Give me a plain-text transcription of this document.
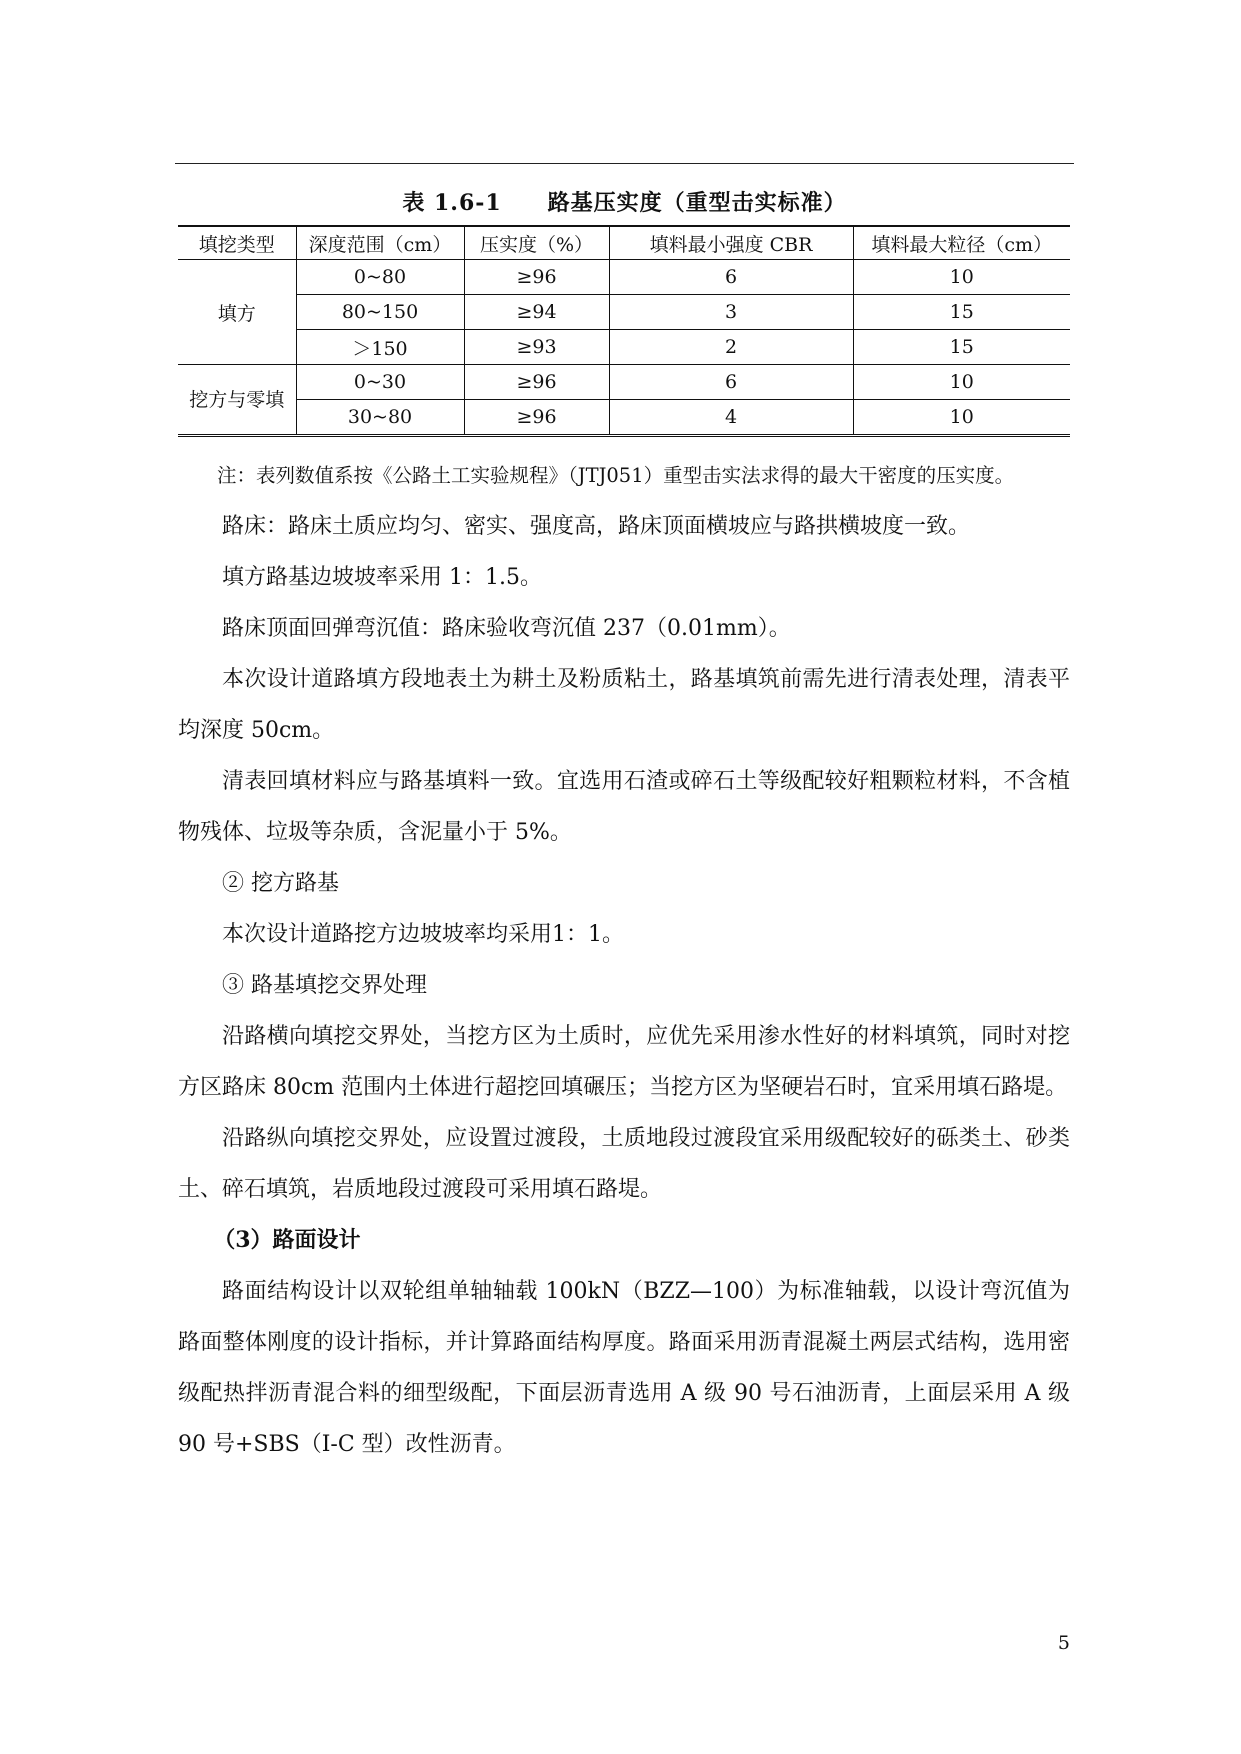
表 1.6-1　　路基压实度（重型击实标准）
填挖类型	深度范围（cm）	压实度（%）	填料最小强度 CBR	填料最大粒径（cm）
填方	0~80	≥96	6	10
	80~150	≥94	3	15
	＞150	≥93	2	15
挖方与零填	0~30	≥96	6	10
	30~80	≥96	4	10

注：表列数值系按《公路土工实验规程》（JTJ051）重型击实法求得的最大干密度的压实度。

路床：路床土质应均匀、密实、强度高，路床顶面横坡应与路拱横坡度一致。

填方路基边坡坡率采用 1：1.5。

路床顶面回弹弯沉值：路床验收弯沉值 237（0.01mm）。

本次设计道路填方段地表土为耕土及粉质粘土，路基填筑前需先进行清表处理，清表平均深度 50cm。

清表回填材料应与路基填料一致。宜选用石渣或碎石土等级配较好粗颗粒材料，不含植物残体、垃圾等杂质，含泥量小于 5%。

② 挖方路基

本次设计道路挖方边坡坡率均采用1：1。

③ 路基填挖交界处理

沿路横向填挖交界处，当挖方区为土质时，应优先采用渗水性好的材料填筑，同时对挖方区路床 80cm 范围内土体进行超挖回填碾压；当挖方区为坚硬岩石时，宜采用填石路堤。

沿路纵向填挖交界处，应设置过渡段，土质地段过渡段宜采用级配较好的砾类土、砂类土、碎石填筑，岩质地段过渡段可采用填石路堤。

（3）路面设计

路面结构设计以双轮组单轴轴载 100kN（BZZ—100）为标准轴载，以设计弯沉值为路面整体刚度的设计指标，并计算路面结构厚度。路面采用沥青混凝土两层式结构，选用密级配热拌沥青混合料的细型级配，下面层沥青选用 A 级 90 号石油沥青，上面层采用 A 级 90 号+SBS（I-C 型）改性沥青。

5
